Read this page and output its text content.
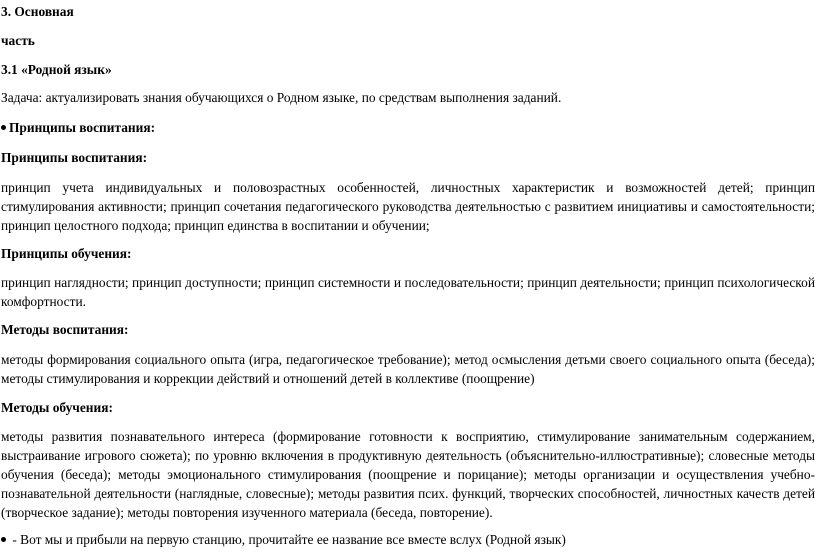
3. Основная
часть
3.1 «Родной язык»
Задача: актуализировать знания обучающихся о Родном языке, по средствам выполнения заданий.
Принципы воспитания:
Принципы воспитания:
принцип учета индивидуальных и половозрастных особенностей, личностных характеристик и возможностей детей; принцип стимулирования активности; принцип сочетания педагогического руководства деятельностью с развитием инициативы и самостоятельности; принцип целостного подхода; принцип единства в воспитании и обучении;
Принципы обучения:
принцип наглядности; принцип доступности; принцип системности и последовательности; принцип деятельности; принцип психологической комфортности.
Методы воспитания:
методы формирования социального опыта (игра, педагогическое требование); метод осмысления детьми своего социального опыта (беседа); методы стимулирования и коррекции действий и отношений детей в коллективе (поощрение)
Методы обучения:
методы развития познавательного интереса (формирование готовности к восприятию, стимулирование занимательным содержанием, выстраивание игрового сюжета); по уровню включения в продуктивную деятельность (объяснительно-иллюстративные); словесные методы обучения (беседа); методы эмоционального стимулирования (поощрение и порицание); методы организации и осуществления учебно-познавательной деятельности (наглядные, словесные); методы развития псих. функций, творческих способностей, личностных качеств детей (творческое задание); методы повторения изученного материала (беседа, повторение).
- Вот мы и прибыли на первую станцию, прочитайте ее название все вместе вслух (Родной язык)
